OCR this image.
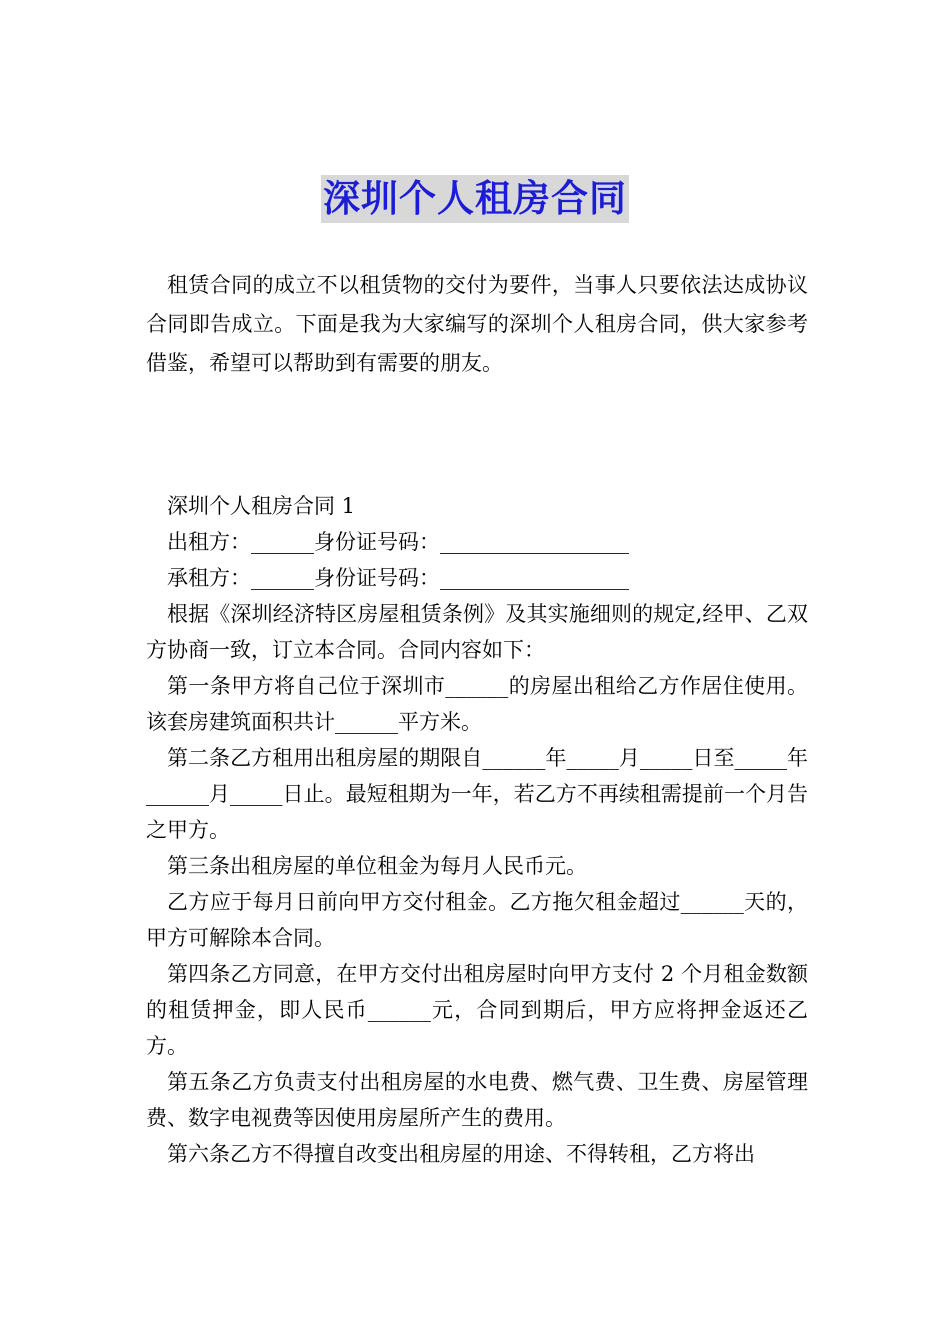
深圳个人租房合同

租赁合同的成立不以租赁物的交付为要件，当事人只要依法达成协议合同即告成立。下面是我为大家编写的深圳个人租房合同，供大家参考借鉴，希望可以帮助到有需要的朋友。

深圳个人租房合同 1

出租方：______身份证号码：__________________

承租方：______身份证号码：__________________

根据《深圳经济特区房屋租赁条例》及其实施细则的规定,经甲、乙双方协商一致，订立本合同。合同内容如下：

第一条甲方将自己位于深圳市______的房屋出租给乙方作居住使用。该套房建筑面积共计______平方米。

第二条乙方租用出租房屋的期限自______年_____月_____日至_____年______月_____日止。最短租期为一年，若乙方不再续租需提前一个月告之甲方。

第三条出租房屋的单位租金为每月人民币元。

乙方应于每月日前向甲方交付租金。乙方拖欠租金超过______天的，甲方可解除本合同。

第四条乙方同意，在甲方交付出租房屋时向甲方支付 2 个月租金数额的租赁押金，即人民币______元，合同到期后，甲方应将押金返还乙方。

第五条乙方负责支付出租房屋的水电费、燃气费、卫生费、房屋管理费、数字电视费等因使用房屋所产生的费用。

第六条乙方不得擅自改变出租房屋的用途、不得转租，乙方将出
